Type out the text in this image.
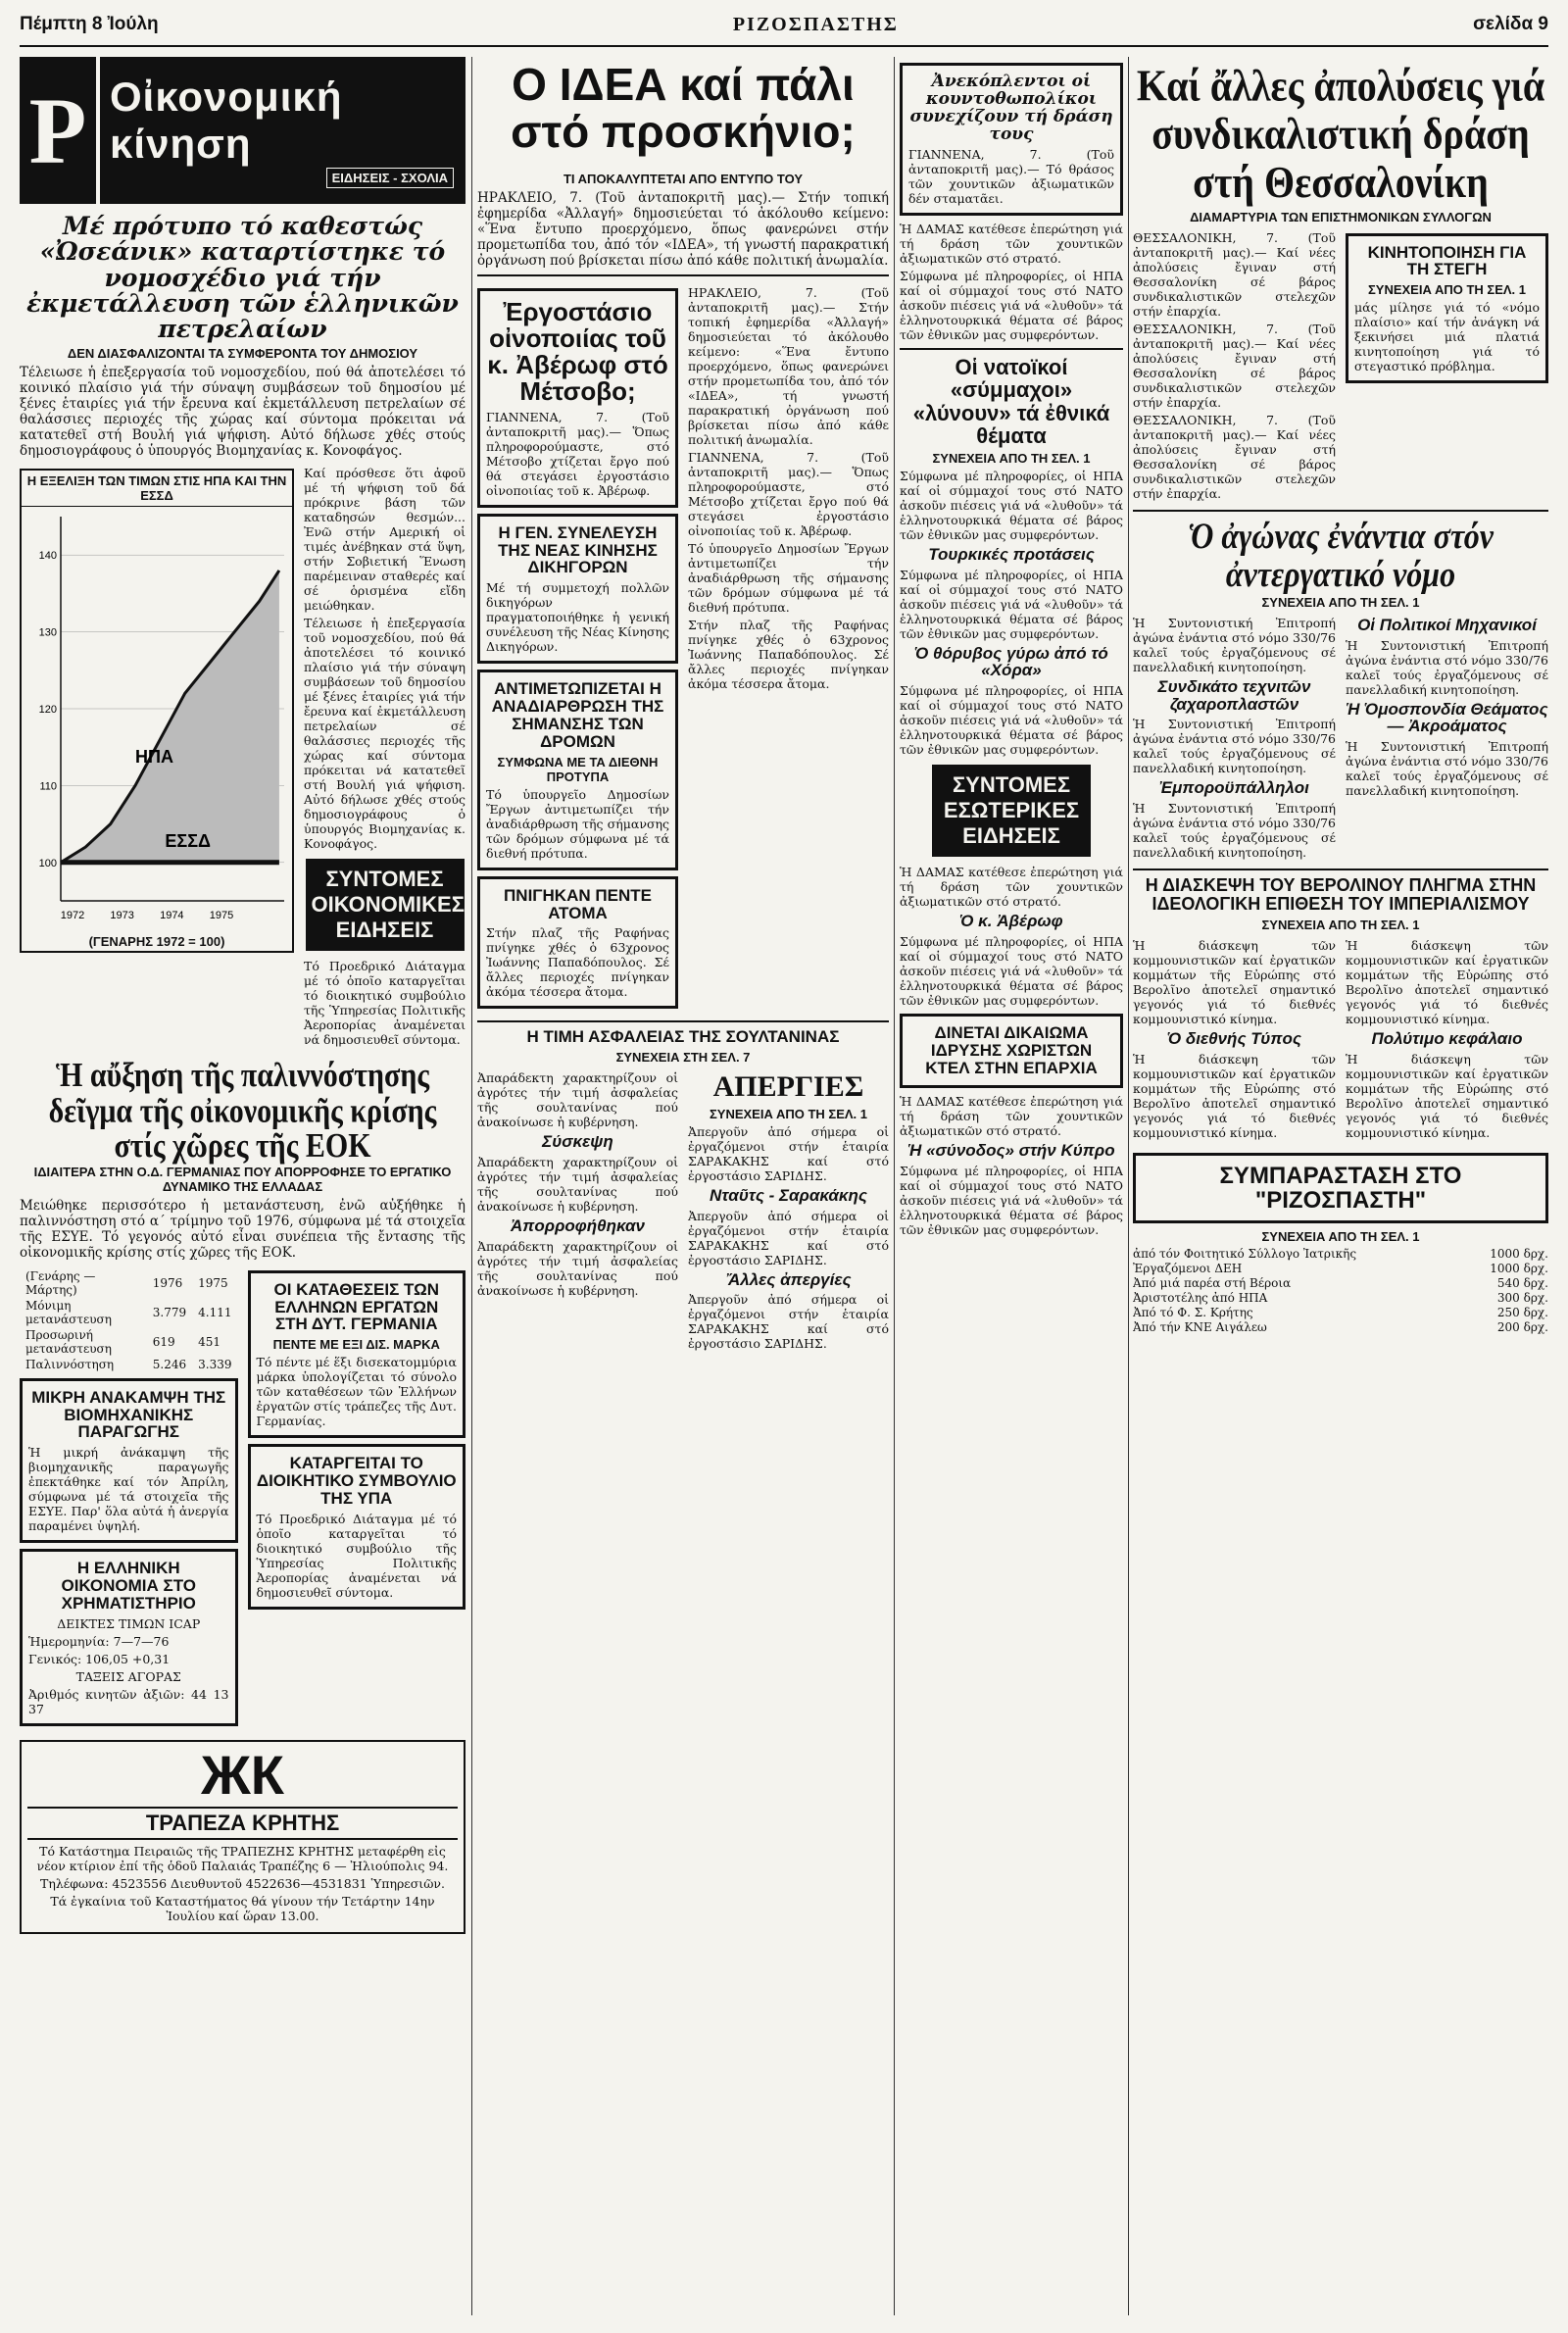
Πέμπτη 8 Ἰούλη	ΡΙΖΟΣΠΑΣΤΗΣ	σελίδα 9
Ρ Οἰκονομική
κίνηση
ΕΙΔΗΣΕΙΣ - ΣΧΟΛΙΑ
Μέ πρότυπο τό καθεστώς «Ὠσεάνικ» καταρτίστηκε τό νομοσχέδιο γιά τήν ἐκμετάλλευση τῶν ἑλληνικῶν πετρελαίων
ΔΕΝ ΔΙΑΣΦΑΛΙΖΟΝΤΑΙ ΤΑ ΣΥΜΦΕΡΟΝΤΑ ΤΟΥ ΔΗΜΟΣΙΟΥ

Τέλειωσε ἡ ἐπεξεργασία τοῦ νομοσχεδίου, πού θά ἀποτελέσει τό κοινικό πλαίσιο γιά τήν σύναψη συμβάσεων τοῦ δημοσίου μέ ξένες ἑταιρίες γιά τήν ἔρευνα καί ἐκμετάλλευση πετρελαίων σέ θαλάσσιες περιοχές τῆς χώρας καί σύντομα πρόκειται νά κατατεθεῖ στή Βουλή γιά ψήφιση. Αὐτό δήλωσε χθές στούς δημοσιογράφους ὁ ὑπουργός Βιομηχανίας κ. Κονοφάγος.

Η ΕΞΕΛΙΞΗ ΤΩΝ ΤΙΜΩΝ ΣΤΙΣ ΗΠΑ ΚΑΙ ΤΗΝ ΕΣΣΔ
100
110
120
130
140
1972 1973 1974 1975
ΗΠΑ
ΕΣΣΔ
(ΓΕΝΑΡΗΣ 1972 = 100)

Καί πρόσθεσε ὅτι ἀφοῦ μέ τή ψήφιση τοῦ δά πρόκρινε βάση τῶν καταδησών θεσμών... Ἐνῶ στήν Αμερική οἱ τιμές ἀνέβηκαν στά ὕψη, στήν Σοβιετική Ἕνωση παρέμειναν σταθερές καί σέ ὁρισμένα εἴδη μειώθηκαν.

Τέλειωσε ἡ ἐπεξεργασία τοῦ νομοσχεδίου, πού θά ἀποτελέσει τό κοινικό πλαίσιο γιά τήν σύναψη συμβάσεων τοῦ δημοσίου μέ ξένες ἑταιρίες γιά τήν ἔρευνα καί ἐκμετάλλευση πετρελαίων σέ θαλάσσιες περιοχές τῆς χώρας καί σύντομα πρόκειται νά κατατεθεῖ στή Βουλή γιά ψήφιση. Αὐτό δήλωσε χθές στούς δημοσιογράφους ὁ ὑπουργός Βιομηχανίας κ. Κονοφάγος.

ΣΥΝΤΟΜΕΣ ΟΙΚΟΝΟΜΙΚΕΣ ΕΙΔΗΣΕΙΣ

Τό Προεδρικό Διάταγμα μέ τό ὁποῖο καταργεῖται τό διοικητικό συμβούλιο τῆς Ὑπηρεσίας Πολιτικῆς Ἀεροπορίας ἀναμένεται νά δημοσιευθεῖ σύντομα.

Ἡ αὔξηση τῆς παλιννόστησης δεῖγμα τῆς οἰκονομικῆς κρίσης στίς χῶρες τῆς ΕΟΚ
ΙΔΙΑΙΤΕΡΑ ΣΤΗΝ Ο.Δ. ΓΕΡΜΑΝΙΑΣ ΠΟΥ ΑΠΟΡΡΟΦΗΣΕ ΤΟ ΕΡΓΑΤΙΚΟ ΔΥΝΑΜΙΚΟ ΤΗΣ ΕΛΛΑΔΑΣ

Μειώθηκε περισσότερο ἡ μετανάστευση, ἐνῶ αὐξήθηκε ἡ παλιννόστηση στό α΄ τρίμηνο τοῦ 1976, σύμφωνα μέ τά στοιχεῖα τῆς ΕΣΥΕ. Τό γεγονός αὐτό εἶναι συνέπεια τῆς ἔντασης τῆς οἰκονομικῆς κρίσης στίς χῶρες τῆς ΕΟΚ.

(Γενάρης — Μάρτης)	1976	1975
Μόνιμη μετανάστευση	3.779	4.111
Προσωρινή μετανάστευση	619	451
Παλιννόστηση	5.246	3.339
ΜΙΚΡΗ ΑΝΑΚΑΜΨΗ ΤΗΣ ΒΙΟΜΗΧΑΝΙΚΗΣ ΠΑΡΑΓΩΓΗΣ

Ἡ μικρή ἀνάκαμψη τῆς βιομηχανικῆς παραγωγῆς ἐπεκτάθηκε καί τόν Ἀπρίλη, σύμφωνα μέ τά στοιχεῖα τῆς ΕΣΥΕ. Παρ' ὅλα αὐτά ἡ ἀνεργία παραμένει ὑψηλή.

Η ΕΛΛΗΝΙΚΗ ΟΙΚΟΝΟΜΙΑ ΣΤΟ ΧΡΗΜΑΤΙΣΤΗΡΙΟ

ΔΕΙΚΤΕΣ ΤΙΜΩΝ ICAP

Ἡμερομηνία: 7—7—76

Γενικός: 106,05 +0,31

ΤΑΞΕΙΣ ΑΓΟΡΑΣ

Ἀριθμός κινητῶν ἀξιῶν: 44 13 37

ΟΙ ΚΑΤΑΘΕΣΕΙΣ ΤΩΝ ΕΛΛΗΝΩΝ ΕΡΓΑΤΩΝ ΣΤΗ ΔΥΤ. ΓΕΡΜΑΝΙΑ
ΠΕΝΤΕ ΜΕ ΕΞΙ ΔΙΣ. ΜΑΡΚΑ

Τό πέντε μέ ἕξι δισεκατομμύρια μάρκα ὑπολογίζεται τό σύνολο τῶν καταθέσεων τῶν Ἑλλήνων ἐργατῶν στίς τράπεζες τῆς Δυτ. Γερμανίας.

ΚΑΤΑΡΓΕΙΤΑΙ ΤΟ ΔΙΟΙΚΗΤΙΚΟ ΣΥΜΒΟΥΛΙΟ ΤΗΣ ΥΠΑ

Τό Προεδρικό Διάταγμα μέ τό ὁποῖο καταργεῖται τό διοικητικό συμβούλιο τῆς Ὑπηρεσίας Πολιτικῆς Ἀεροπορίας ἀναμένεται νά δημοσιευθεῖ σύντομα.

ЖК
ΤΡΑΠΕΖΑ ΚΡΗΤΗΣ

Τό Κατάστημα Πειραιῶς τῆς ΤΡΑΠΕΖΗΣ ΚΡΗΤΗΣ μεταφέρθη εἰς νέον κτίριον ἐπί τῆς ὁδοῦ Παλαιάς Τραπέζης 6 — Ἠλιούπολις 94.

Τηλέφωνα: 4523556 Διευθυντοῦ 4522636—4531831 Ὑπηρεσιῶν.

Τά ἐγκαίνια τοῦ Καταστήματος θά γίνουν τήν Τετάρτην 14ην Ἰουλίου καί ὥραν 13.00.

Ο ΙΔΕΑ καί πάλι στό προσκήνιο;
ΤΙ ΑΠΟΚΑΛΥΠΤΕΤΑΙ ΑΠΟ ΕΝΤΥΠΟ ΤΟΥ

ΗΡΑΚΛΕΙΟ, 7. (Τοῦ ἀνταποκριτῆ μας).— Στήν τοπική ἐφημερίδα «Ἀλλαγή» δημοσιεύεται τό ἀκόλουθο κείμενο: «Ἕνα ἔντυπο προερχόμενο, ὅπως φανερώνει στήν προμετωπίδα του, ἀπό τόν «ΙΔΕΑ», τή γνωστή παρακρατική ὀργάνωση πού βρίσκεται πίσω ἀπό κάθε πολιτική ἀνωμαλία.

Ἐργοστάσιο οἰνοποιίας τοῦ κ. Ἀβέρωφ στό Μέτσοβο;

ΓΙΑΝΝΕΝΑ, 7. (Τοῦ ἀνταποκριτῆ μας).— Ὅπως πληροφορούμαστε, στό Μέτσοβο χτίζεται ἔργο πού θά στεγάσει ἐργοστάσιο οἰνοποιίας τοῦ κ. Ἀβέρωφ.

Η ΓΕΝ. ΣΥΝΕΛΕΥΣΗ ΤΗΣ ΝΕΑΣ ΚΙΝΗΣΗΣ ΔΙΚΗΓΟΡΩΝ

Μέ τή συμμετοχή πολλῶν δικηγόρων πραγματοποιήθηκε ἡ γενική συνέλευση τῆς Νέας Κίνησης Δικηγόρων.

ΑΝΤΙΜΕΤΩΠΙΖΕΤΑΙ Η ΑΝΑΔΙΑΡΘΡΩΣΗ ΤΗΣ ΣΗΜΑΝΣΗΣ ΤΩΝ ΔΡΟΜΩΝ
ΣΥΜΦΩΝΑ ΜΕ ΤΑ ΔΙΕΘΝΗ ΠΡΟΤΥΠΑ

Τό ὑπουργεῖο Δημοσίων Ἔργων ἀντιμετωπίζει τήν ἀναδιάρθρωση τῆς σήμανσης τῶν δρόμων σύμφωνα μέ τά διεθνή πρότυπα.

ΠΝΙΓΗΚΑΝ ΠΕΝΤΕ ΑΤΟΜΑ

Στήν πλαζ τῆς Ραφήνας πνίγηκε χθές ὁ 63χρονος Ἰωάννης Παπαδόπουλος. Σέ ἄλλες περιοχές πνίγηκαν ἀκόμα τέσσερα ἄτομα.

ΗΡΑΚΛΕΙΟ, 7. (Τοῦ ἀνταποκριτῆ μας).— Στήν τοπική ἐφημερίδα «Ἀλλαγή» δημοσιεύεται τό ἀκόλουθο κείμενο: «Ἕνα ἔντυπο προερχόμενο, ὅπως φανερώνει στήν προμετωπίδα του, ἀπό τόν «ΙΔΕΑ», τή γνωστή παρακρατική ὀργάνωση πού βρίσκεται πίσω ἀπό κάθε πολιτική ἀνωμαλία.

ΓΙΑΝΝΕΝΑ, 7. (Τοῦ ἀνταποκριτῆ μας).— Ὅπως πληροφορούμαστε, στό Μέτσοβο χτίζεται ἔργο πού θά στεγάσει ἐργοστάσιο οἰνοποιίας τοῦ κ. Ἀβέρωφ.

Τό ὑπουργεῖο Δημοσίων Ἔργων ἀντιμετωπίζει τήν ἀναδιάρθρωση τῆς σήμανσης τῶν δρόμων σύμφωνα μέ τά διεθνή πρότυπα.

Στήν πλαζ τῆς Ραφήνας πνίγηκε χθές ὁ 63χρονος Ἰωάννης Παπαδόπουλος. Σέ ἄλλες περιοχές πνίγηκαν ἀκόμα τέσσερα ἄτομα.

Η ΤΙΜΗ ΑΣΦΑΛΕΙΑΣ ΤΗΣ ΣΟΥΛΤΑΝΙΝΑΣ
ΣΥΝΕΧΕΙΑ ΣΤΗ ΣΕΛ. 7

Ἀπαράδεκτη χαρακτηρίζουν οἱ ἀγρότες τήν τιμή ἀσφαλείας τῆς σουλτανίνας πού ἀνακοίνωσε ἡ κυβέρνηση.

Σύσκεψη

Ἀπαράδεκτη χαρακτηρίζουν οἱ ἀγρότες τήν τιμή ἀσφαλείας τῆς σουλτανίνας πού ἀνακοίνωσε ἡ κυβέρνηση.

Ἀπορροφήθηκαν

Ἀπαράδεκτη χαρακτηρίζουν οἱ ἀγρότες τήν τιμή ἀσφαλείας τῆς σουλτανίνας πού ἀνακοίνωσε ἡ κυβέρνηση.

ΑΠΕΡΓΙΕΣ
ΣΥΝΕΧΕΙΑ ΑΠΟ ΤΗ ΣΕΛ. 1

Ἀπεργοῦν ἀπό σήμερα οἱ ἐργαζόμενοι στήν ἑταιρία ΣΑΡΑΚΑΚΗΣ καί στό ἐργοστάσιο ΣΑΡΙΔΗΣ.

Νταῦτς - Σαρακάκης

Ἀπεργοῦν ἀπό σήμερα οἱ ἐργαζόμενοι στήν ἑταιρία ΣΑΡΑΚΑΚΗΣ καί στό ἐργοστάσιο ΣΑΡΙΔΗΣ.

Ἄλλες ἀπεργίες

Ἀπεργοῦν ἀπό σήμερα οἱ ἐργαζόμενοι στήν ἑταιρία ΣΑΡΑΚΑΚΗΣ καί στό ἐργοστάσιο ΣΑΡΙΔΗΣ.

Ἀνεκόπλεντοι οἱ κουντοθωπολίκοι συνεχίζουν τή δράση τους

ΓΙΑΝΝΕΝΑ, 7. (Τοῦ ἀνταποκριτῆ μας).— Τό θράσος τῶν χουντικῶν ἀξιωματικῶν δέν σταματᾶει.

Ἡ ΔΑΜΑΣ κατέθεσε ἐπερώτηση γιά τή δράση τῶν χουντικῶν ἀξιωματικῶν στό στρατό.

Σύμφωνα μέ πληροφορίες, οἱ ΗΠΑ καί οἱ σύμμαχοί τους στό ΝΑΤΟ ἀσκοῦν πιέσεις γιά νά «λυθοῦν» τά ἑλληνοτουρκικά θέματα σέ βάρος τῶν ἐθνικῶν μας συμφερόντων.

Οἱ νατοϊκοί «σύμμαχοι» «λύνουν» τά ἐθνικά θέματα
ΣΥΝΕΧΕΙΑ ΑΠΟ ΤΗ ΣΕΛ. 1

Σύμφωνα μέ πληροφορίες, οἱ ΗΠΑ καί οἱ σύμμαχοί τους στό ΝΑΤΟ ἀσκοῦν πιέσεις γιά νά «λυθοῦν» τά ἑλληνοτουρκικά θέματα σέ βάρος τῶν ἐθνικῶν μας συμφερόντων.

Τουρκικές προτάσεις

Σύμφωνα μέ πληροφορίες, οἱ ΗΠΑ καί οἱ σύμμαχοί τους στό ΝΑΤΟ ἀσκοῦν πιέσεις γιά νά «λυθοῦν» τά ἑλληνοτουρκικά θέματα σέ βάρος τῶν ἐθνικῶν μας συμφερόντων.

Ὁ θόρυβος γύρω ἀπό τό «Χόρα»

Σύμφωνα μέ πληροφορίες, οἱ ΗΠΑ καί οἱ σύμμαχοί τους στό ΝΑΤΟ ἀσκοῦν πιέσεις γιά νά «λυθοῦν» τά ἑλληνοτουρκικά θέματα σέ βάρος τῶν ἐθνικῶν μας συμφερόντων.

ΣΥΝΤΟΜΕΣ ΕΣΩΤΕΡΙΚΕΣ ΕΙΔΗΣΕΙΣ

Ἡ ΔΑΜΑΣ κατέθεσε ἐπερώτηση γιά τή δράση τῶν χουντικῶν ἀξιωματικῶν στό στρατό.

Ὁ κ. Ἀβέρωφ

Σύμφωνα μέ πληροφορίες, οἱ ΗΠΑ καί οἱ σύμμαχοί τους στό ΝΑΤΟ ἀσκοῦν πιέσεις γιά νά «λυθοῦν» τά ἑλληνοτουρκικά θέματα σέ βάρος τῶν ἐθνικῶν μας συμφερόντων.

ΔΙΝΕΤΑΙ ΔΙΚΑΙΩΜΑ ΙΔΡΥΣΗΣ ΧΩΡΙΣΤΩΝ ΚΤΕΛ ΣΤΗΝ ΕΠΑΡΧΙΑ

Ἡ ΔΑΜΑΣ κατέθεσε ἐπερώτηση γιά τή δράση τῶν χουντικῶν ἀξιωματικῶν στό στρατό.

Ἡ «σύνοδος» στήν Κύπρο

Σύμφωνα μέ πληροφορίες, οἱ ΗΠΑ καί οἱ σύμμαχοί τους στό ΝΑΤΟ ἀσκοῦν πιέσεις γιά νά «λυθοῦν» τά ἑλληνοτουρκικά θέματα σέ βάρος τῶν ἐθνικῶν μας συμφερόντων.

Καί ἄλλες ἀπολύσεις γιά συνδικαλιστική δράση στή Θεσσαλονίκη
ΔΙΑΜΑΡΤΥΡΙΑ ΤΩΝ ΕΠΙΣΤΗΜΟΝΙΚΩΝ ΣΥΛΛΟΓΩΝ

ΘΕΣΣΑΛΟΝΙΚΗ, 7. (Τοῦ ἀνταποκριτῆ μας).— Καί νέες ἀπολύσεις ἔγιναν στή Θεσσαλονίκη σέ βάρος συνδικαλιστικῶν στελεχῶν στήν ἐπαρχία.

ΘΕΣΣΑΛΟΝΙΚΗ, 7. (Τοῦ ἀνταποκριτῆ μας).— Καί νέες ἀπολύσεις ἔγιναν στή Θεσσαλονίκη σέ βάρος συνδικαλιστικῶν στελεχῶν στήν ἐπαρχία.

ΘΕΣΣΑΛΟΝΙΚΗ, 7. (Τοῦ ἀνταποκριτῆ μας).— Καί νέες ἀπολύσεις ἔγιναν στή Θεσσαλονίκη σέ βάρος συνδικαλιστικῶν στελεχῶν στήν ἐπαρχία.

ΚΙΝΗΤΟΠΟΙΗΣΗ ΓΙΑ ΤΗ ΣΤΕΓΗ
ΣΥΝΕΧΕΙΑ ΑΠΟ ΤΗ ΣΕΛ. 1

μάς μίλησε γιά τό «νόμο πλαίσιο» καί τήν ἀνάγκη νά ξεκινήσει μιά πλατιά κινητοποίηση γιά τό στεγαστικό πρόβλημα.

Ὁ ἀγώνας ἐνάντια στόν ἀντεργατικό νόμο
ΣΥΝΕΧΕΙΑ ΑΠΟ ΤΗ ΣΕΛ. 1

Ἡ Συντονιστική Ἐπιτροπή ἀγώνα ἐνάντια στό νόμο 330/76 καλεῖ τούς ἐργαζόμενους σέ πανελλαδική κινητοποίηση.

Συνδικάτο τεχνιτῶν ζαχαροπλαστῶν

Ἡ Συντονιστική Ἐπιτροπή ἀγώνα ἐνάντια στό νόμο 330/76 καλεῖ τούς ἐργαζόμενους σέ πανελλαδική κινητοποίηση.

Ἐμποροϋπάλληλοι

Ἡ Συντονιστική Ἐπιτροπή ἀγώνα ἐνάντια στό νόμο 330/76 καλεῖ τούς ἐργαζόμενους σέ πανελλαδική κινητοποίηση.

Οἱ Πολιτικοί Μηχανικοί

Ἡ Συντονιστική Ἐπιτροπή ἀγώνα ἐνάντια στό νόμο 330/76 καλεῖ τούς ἐργαζόμενους σέ πανελλαδική κινητοποίηση.

Ἡ Ὁμοσπονδία Θεάματος — Ἀκροάματος

Ἡ Συντονιστική Ἐπιτροπή ἀγώνα ἐνάντια στό νόμο 330/76 καλεῖ τούς ἐργαζόμενους σέ πανελλαδική κινητοποίηση.

Η ΔΙΑΣΚΕΨΗ ΤΟΥ ΒΕΡΟΛΙΝΟΥ ΠΛΗΓΜΑ ΣΤΗΝ ΙΔΕΟΛΟΓΙΚΗ ΕΠΙΘΕΣΗ ΤΟΥ ΙΜΠΕΡΙΑΛΙΣΜΟΥ
ΣΥΝΕΧΕΙΑ ΑΠΟ ΤΗ ΣΕΛ. 1

Ἡ διάσκεψη τῶν κομμουνιστικῶν καί ἐργατικῶν κομμάτων τῆς Εὐρώπης στό Βερολῖνο ἀποτελεῖ σημαντικό γεγονός γιά τό διεθνές κομμουνιστικό κίνημα.

Ὁ διεθνής Τύπος

Ἡ διάσκεψη τῶν κομμουνιστικῶν καί ἐργατικῶν κομμάτων τῆς Εὐρώπης στό Βερολῖνο ἀποτελεῖ σημαντικό γεγονός γιά τό διεθνές κομμουνιστικό κίνημα.

Ἡ διάσκεψη τῶν κομμουνιστικῶν καί ἐργατικῶν κομμάτων τῆς Εὐρώπης στό Βερολῖνο ἀποτελεῖ σημαντικό γεγονός γιά τό διεθνές κομμουνιστικό κίνημα.

Πολύτιμο κεφάλαιο

Ἡ διάσκεψη τῶν κομμουνιστικῶν καί ἐργατικῶν κομμάτων τῆς Εὐρώπης στό Βερολῖνο ἀποτελεῖ σημαντικό γεγονός γιά τό διεθνές κομμουνιστικό κίνημα.

ΣΥΜΠΑΡΑΣΤΑΣΗ ΣΤΟ "ΡΙΖΟΣΠΑΣΤΗ"
ΣΥΝΕΧΕΙΑ ΑΠΟ ΤΗ ΣΕΛ. 1
ἀπό τόν Φοιτητικό Σύλλογο Ἰατρικῆς	1000 δρχ.
Ἐργαζόμενοι ΔΕΗ	1000 δρχ.
Ἀπό μιά παρέα στή Βέροια	540 δρχ.
Ἀριστοτέλης ἀπό ΗΠΑ	300 δρχ.
Ἀπό τό Φ. Σ. Κρήτης	250 δρχ.
Ἀπό τήν ΚΝΕ Αιγάλεω	200 δρχ.
